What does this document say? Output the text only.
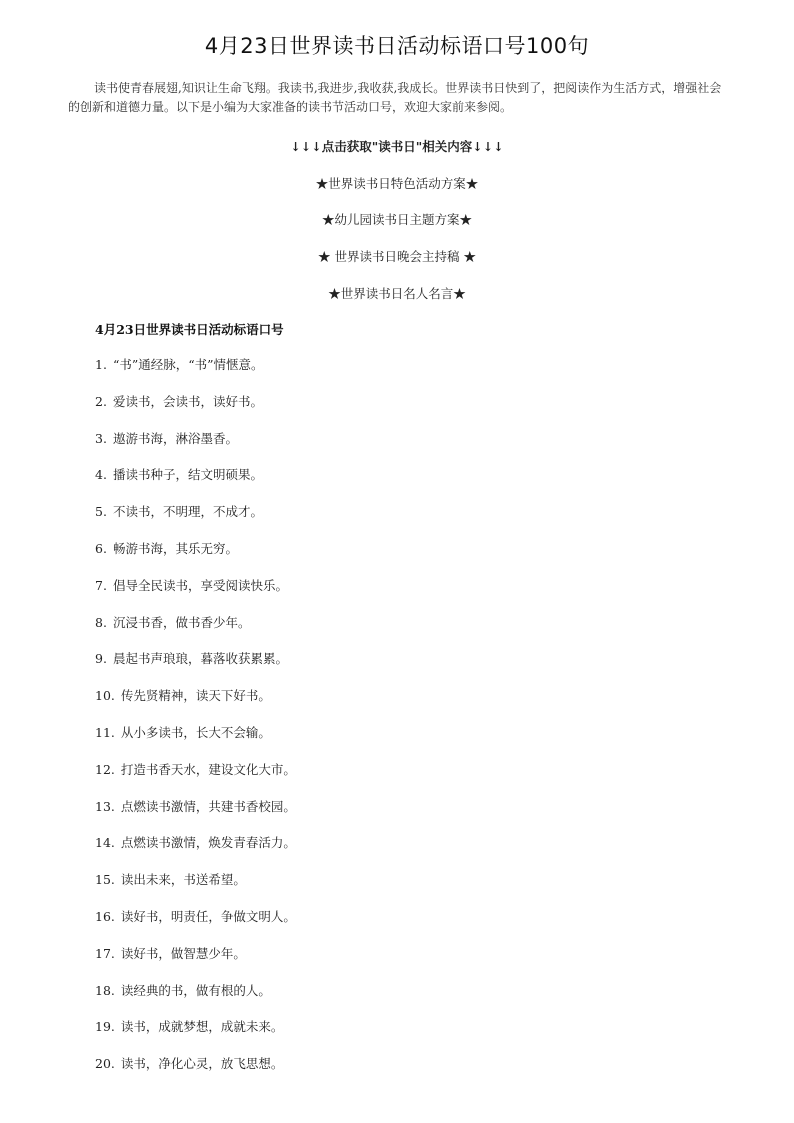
4月23日世界读书日活动标语口号100句

读书使青春展翅,知识让生命飞翔。我读书,我进步,我收获,我成长。世界读书日快到了，把阅读作为生活方式，增强社会的创新和道德力量。以下是小编为大家准备的读书节活动口号，欢迎大家前来参阅。

↓↓↓点击获取"读书日"相关内容↓↓↓
★世界读书日特色活动方案★
★幼儿园读书日主题方案★
★ 世界读书日晚会主持稿 ★
★世界读书日名人名言★
4月23日世界读书日活动标语口号
1. “书”通经脉，“书”情惬意。
2. 爱读书，会读书，读好书。
3. 遨游书海，淋浴墨香。
4. 播读书种子，结文明硕果。
5. 不读书，不明理，不成才。
6. 畅游书海，其乐无穷。
7. 倡导全民读书，享受阅读快乐。
8. 沉浸书香，做书香少年。
9. 晨起书声琅琅，暮落收获累累。
10. 传先贤精神，读天下好书。
11. 从小多读书，长大不会输。
12. 打造书香天水，建设文化大市。
13. 点燃读书激情，共建书香校园。
14. 点燃读书激情，焕发青春活力。
15. 读出未来，书送希望。
16. 读好书，明责任，争做文明人。
17. 读好书，做智慧少年。
18. 读经典的书，做有根的人。
19. 读书，成就梦想，成就未来。
20. 读书，净化心灵，放飞思想。
